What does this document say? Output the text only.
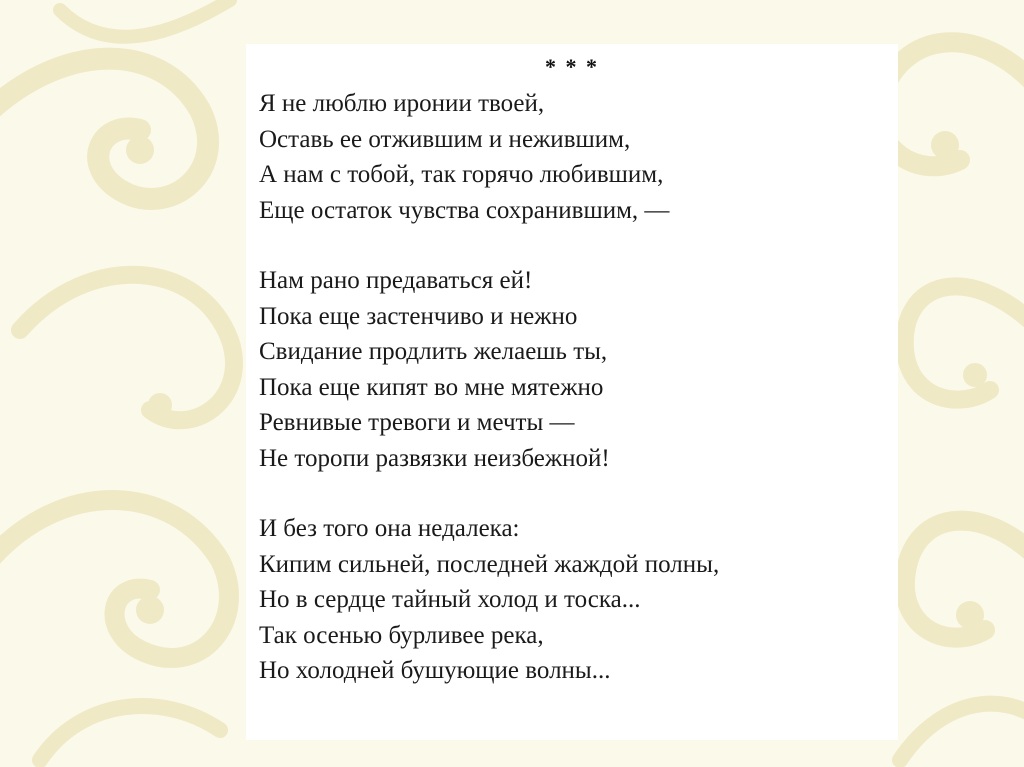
* * *
Я не люблю иронии твоей,
Оставь ее отжившим и нежившим,
А нам с тобой, так горячо любившим,
Еще остаток чувства сохранившим, —
Нам рано предаваться ей!
Пока еще застенчиво и нежно
Свидание продлить желаешь ты,
Пока еще кипят во мне мятежно
Ревнивые тревоги и мечты —
Не торопи развязки неизбежной!
И без того она недалека:
Кипим сильней, последней жаждой полны,
Но в сердце тайный холод и тоска...
Так осенью бурливее река,
Но холодней бушующие волны...
